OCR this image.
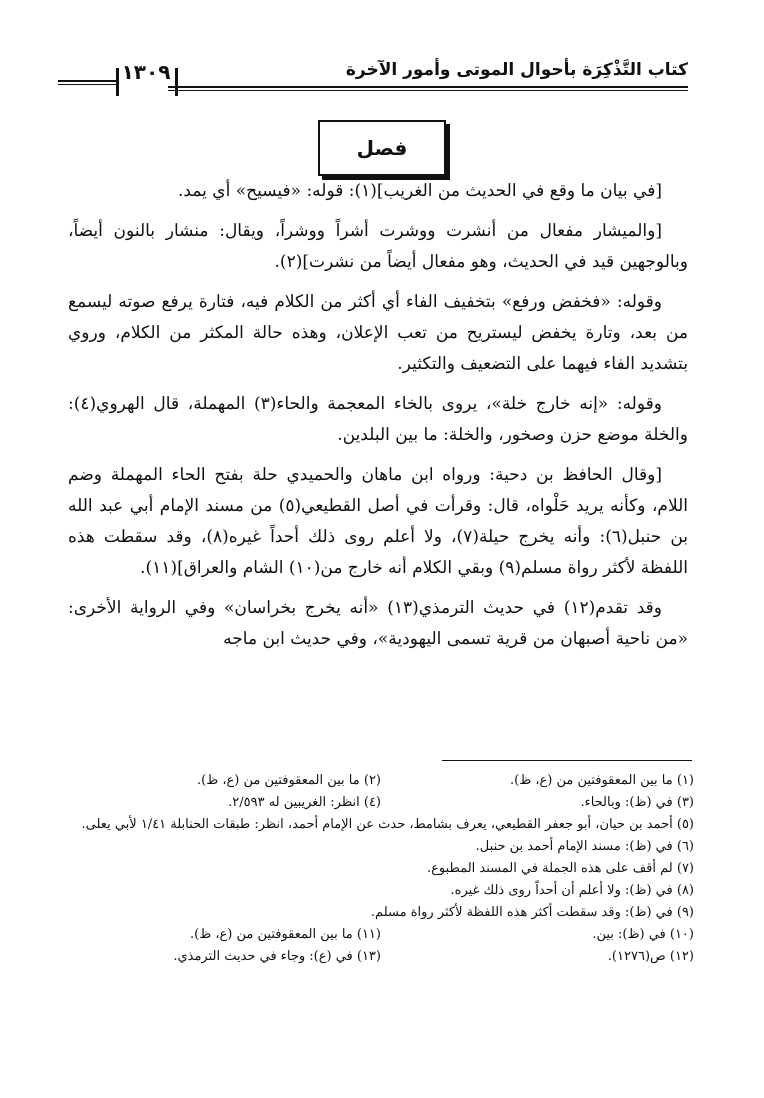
كتاب التَّذْكِرَة بأحوال الموتى وأمور الآخرة
١٣٠٩
فصل

[في بيان ما وقع في الحديث من الغريب](١): قوله: «فيسيح» أي يمد.

[والميشار مفعال من أنشرت ووشرت أشراً ووشراً، ويقال: منشار بالنون أيضاً، وبالوجهين قيد في الحديث، وهو مفعال أيضاً من نشرت](٢).

وقوله: «فخفض ورفع» بتخفيف الفاء أي أكثر من الكلام فيه، فتارة يرفع صوته ليسمع من بعد، وتارة يخفض ليستريح من تعب الإعلان، وهذه حالة المكثر من الكلام، وروي بتشديد الفاء فيهما على التضعيف والتكثير.

وقوله: «إنه خارج خلة»، يروى بالخاء المعجمة والحاء(٣) المهملة، قال الهروي(٤): والخلة موضع حزن وصخور، والخلة: ما بين البلدين.

[وقال الحافظ بن دحية: ورواه ابن ماهان والحميدي حلة بفتح الحاء المهملة وضم اللام، وكأنه يريد حَلْواه، قال: وقرأت في أصل القطيعي(٥) من مسند الإمام أبي عبد الله بن حنبل(٦): وأنه يخرج حيلة(٧)، ولا أعلم روى ذلك أحداً غيره(٨)، وقد سقطت هذه اللفظة لأكثر رواة مسلم(٩) وبقي الكلام أنه خارج من(١٠) الشام والعراق](١١).

وقد تقدم(١٢) في حديث الترمذي(١٣) «أنه يخرج بخراسان» وفي الرواية الأخرى: «من ناحية أصبهان من قرية تسمى اليهودية»، وفي حديث ابن ماجه

(١) ما بين المعقوفتين من (ع، ظ).
(٢) ما بين المعقوفتين من (ع، ظ).
(٣) في (ظ): وبالحاء.
(٤) انظر: الغريبين له ٢/٥٩٣.
(٥) أحمد بن حيان، أبو جعفر القطيعي، يعرف بشامط، حدث عن الإمام أحمد، انظر: طبقات الحنابلة ١/٤١ لأبي يعلى.
(٦) في (ظ): مسند الإمام أحمد بن حنبل.
(٧) لم أقف على هذه الجملة في المسند المطبوع.
(٨) في (ظ): ولا أعلم أن أحداً روى ذلك غيره.
(٩) في (ظ): وقد سقطت أكثر هذه اللفظة لأكثر رواة مسلم.
(١٠) في (ظ): بين.
(١١) ما بين المعقوفتين من (ع، ظ).
(١٢) ص(١٢٧٦).
(١٣) في (ع): وجاء في حديث الترمذي.
